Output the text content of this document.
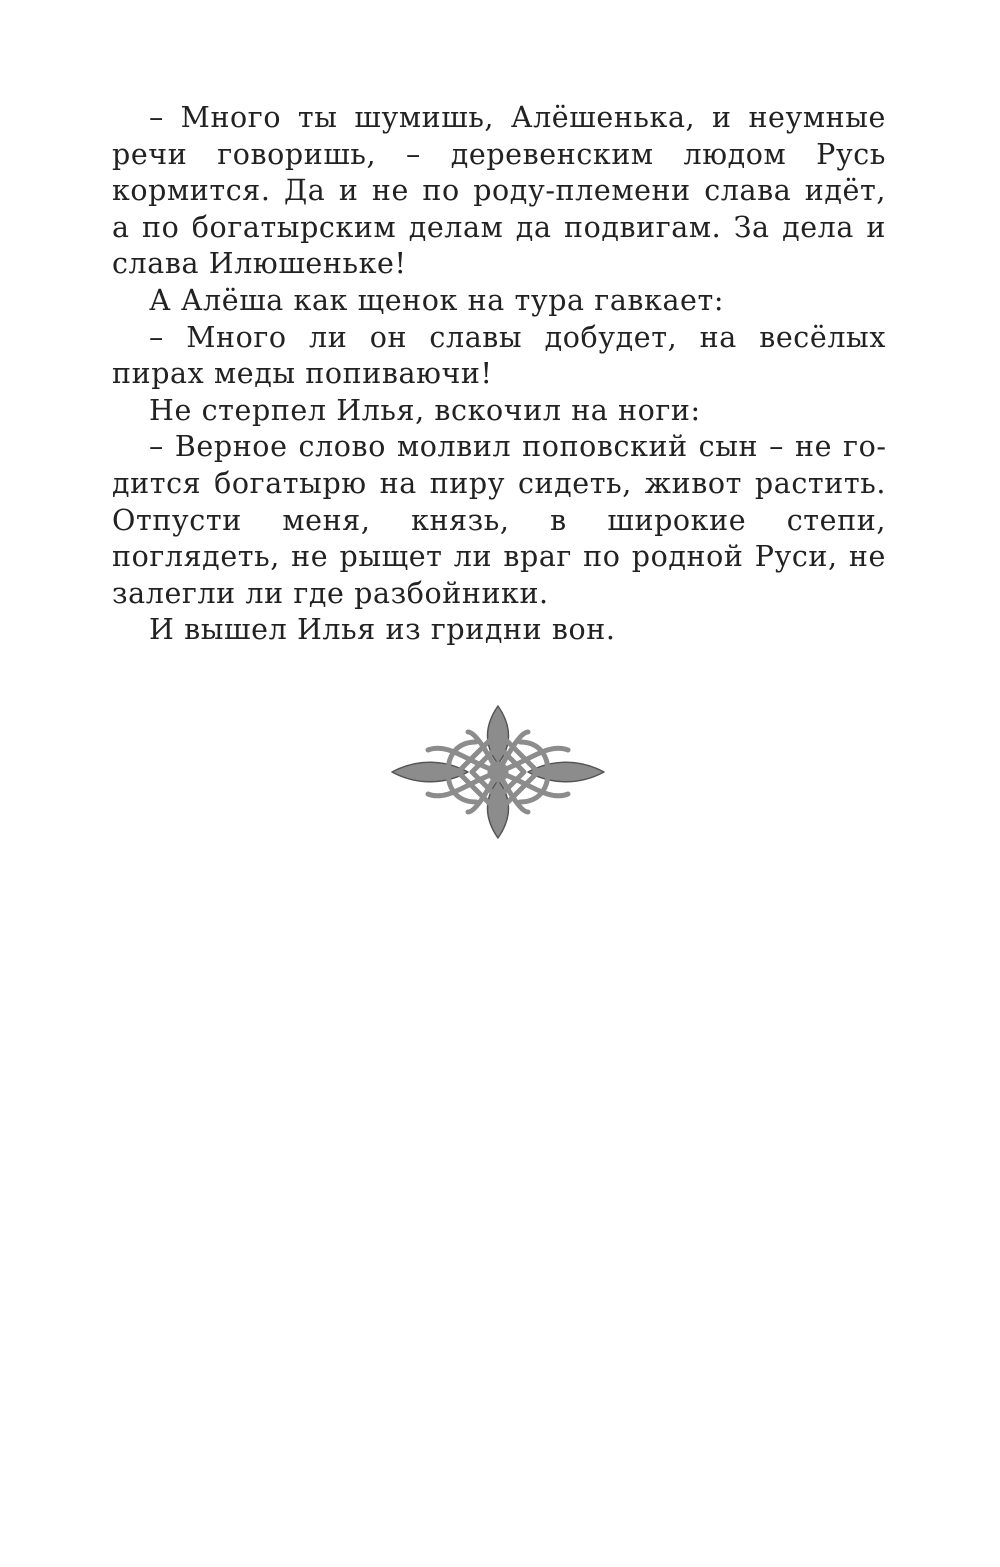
– Много ты шумишь, Алёшенька, и неумные речи говоришь, – деревенским людом Русь кормится. Да и не по роду-племени слава идёт, а по богатырским делам да подвигам. За дела и слава Илюшеньке!

А Алёша как щенок на тура гавкает:

– Много ли он славы добудет, на весёлых пирах меды попиваючи!

Не стерпел Илья, вскочил на ноги:

– Верное слово молвил поповский сын – не годится богатырю на пиру сидеть, живот растить. Отпусти меня, князь, в широкие степи, поглядеть, не рыщет ли враг по родной Руси, не залегли ли где разбойники.

И вышел Илья из гридни вон.
